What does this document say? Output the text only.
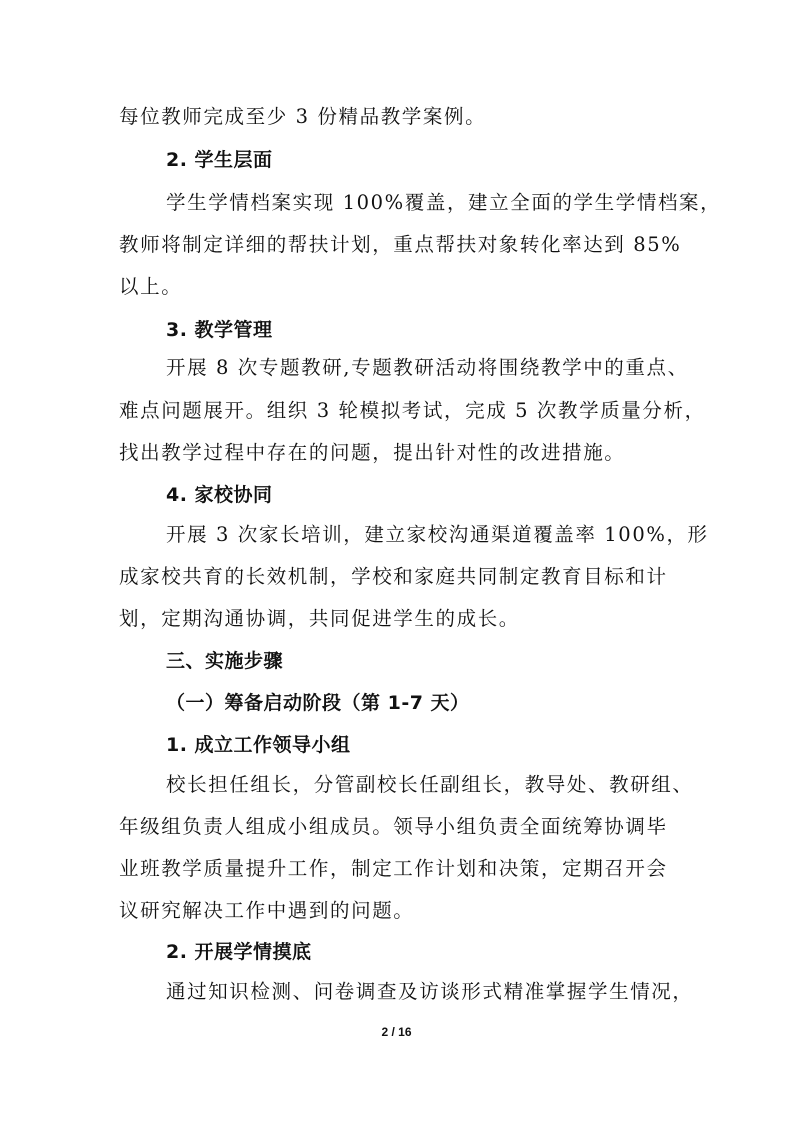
每位教师完成至少 3 份精品教学案例。
2. 学生层面
学生学情档案实现 100%覆盖，建立全面的学生学情档案，
教师将制定详细的帮扶计划，重点帮扶对象转化率达到 85%
以上。
3. 教学管理
开展 8 次专题教研,专题教研活动将围绕教学中的重点、
难点问题展开。组织 3 轮模拟考试，完成 5 次教学质量分析，
找出教学过程中存在的问题，提出针对性的改进措施。
4. 家校协同
开展 3 次家长培训，建立家校沟通渠道覆盖率 100%，形
成家校共育的长效机制，学校和家庭共同制定教育目标和计
划，定期沟通协调，共同促进学生的成长。
三、实施步骤
（一）筹备启动阶段（第 1-7 天）
1. 成立工作领导小组
校长担任组长，分管副校长任副组长，教导处、教研组、
年级组负责人组成小组成员。领导小组负责全面统筹协调毕
业班教学质量提升工作，制定工作计划和决策，定期召开会
议研究解决工作中遇到的问题。
2. 开展学情摸底
通过知识检测、问卷调查及访谈形式精准掌握学生情况，
2 / 16
